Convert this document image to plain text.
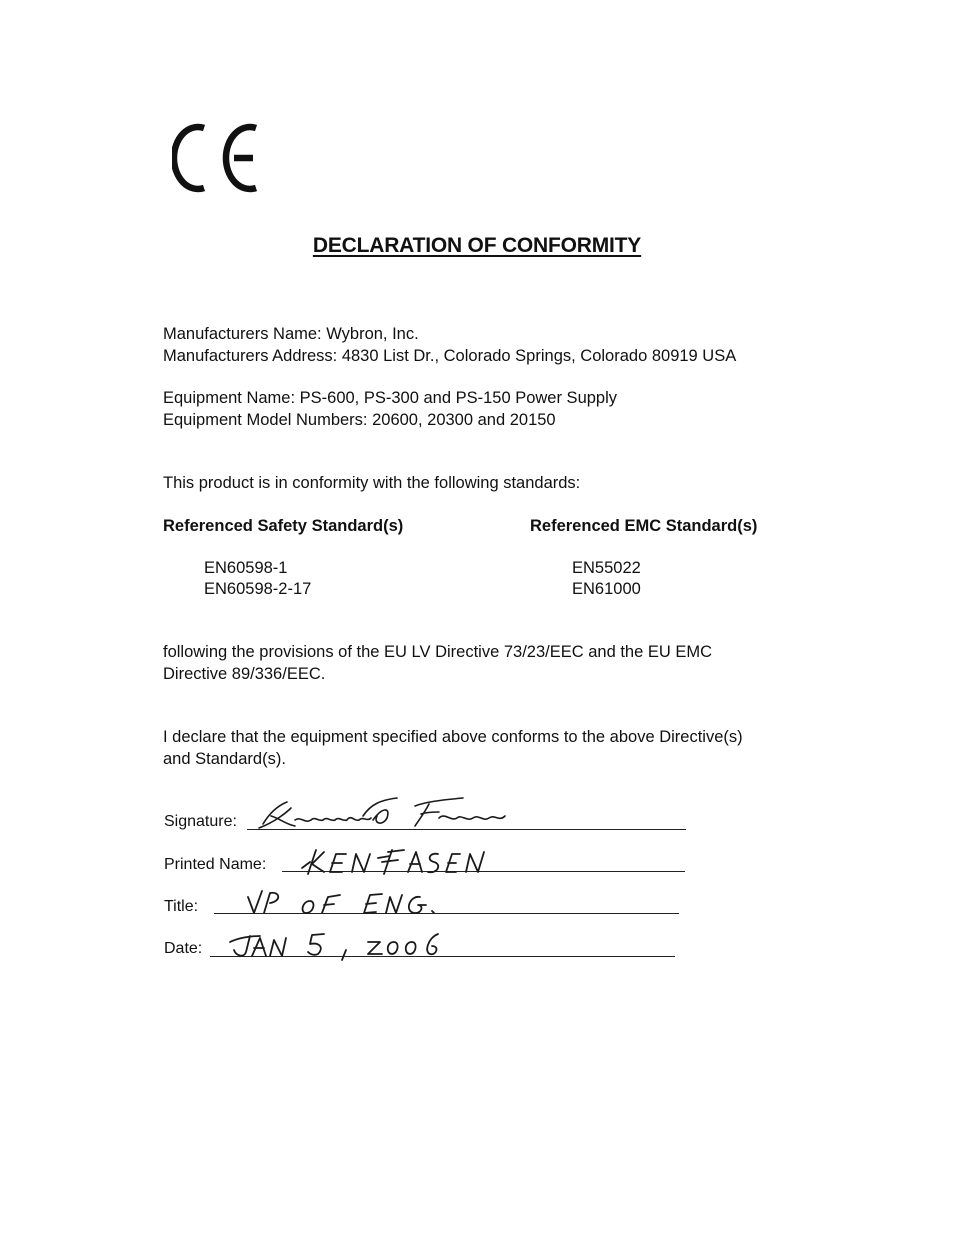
DECLARATION OF CONFORMITY

Manufacturers Name: Wybron, Inc.

Manufacturers Address: 4830 List Dr., Colorado Springs, Colorado 80919 USA

Equipment Name: PS-600, PS-300 and PS-150 Power Supply

Equipment Model Numbers: 20600, 20300 and 20150

This product is in conformity with the following standards:

Referenced Safety Standard(s)	Referenced EMC Standard(s)

EN60598-1

EN60598-2-17

EN55022

EN61000

following the provisions of the EU LV Directive 73/23/EEC and the EU EMC

Directive 89/336/EEC.

I declare that the equipment specified above conforms to the above Directive(s)

and Standard(s).

Signature:
Printed Name:
Title:
Date:
